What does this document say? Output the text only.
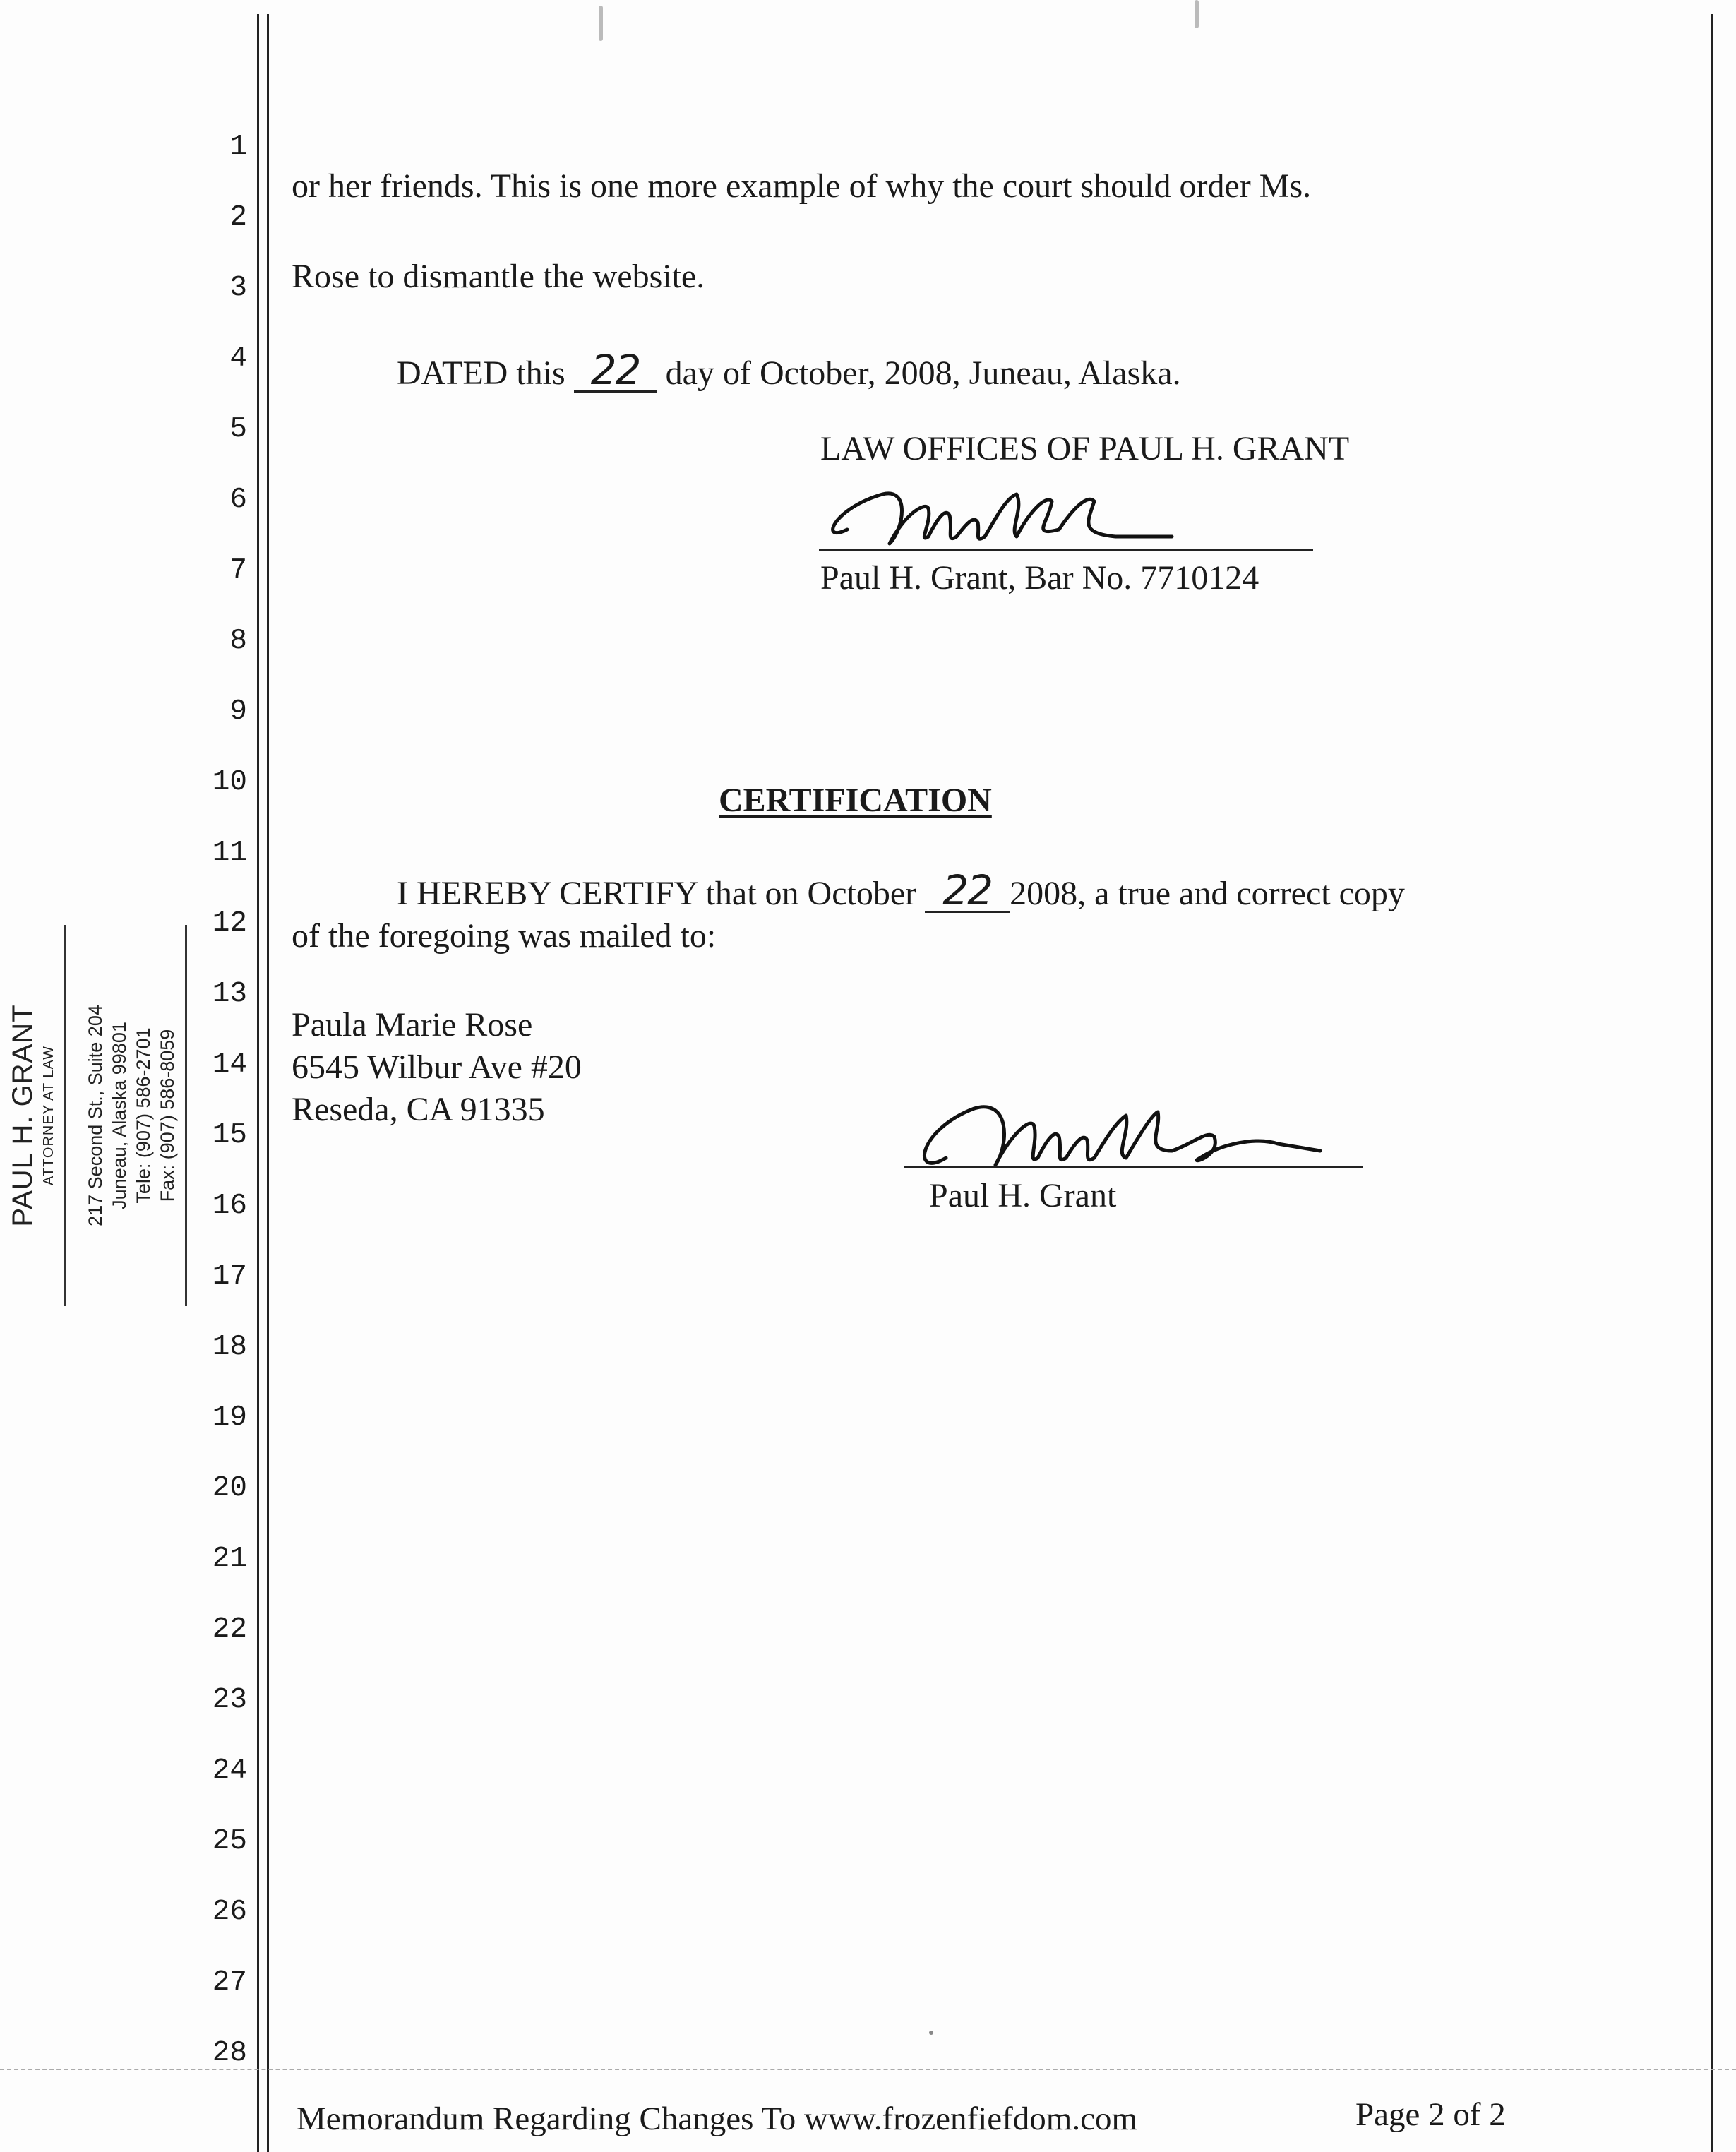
1
2
3
4
5
6
7
8
9
10
11
12
13
14
15
16
17
18
19
20
21
22
23
24
25
26
27
28
PAUL H. GRANT ATTORNEY AT LAW 217 Second St., Suite 204 Juneau, Alaska 99801 Tele: (907) 586-2701 Fax: (907) 586-8059
or her friends. This is one more example of why the court should order Ms.
Rose to dismantle the website.
DATED this 22 day of October, 2008, Juneau, Alaska.
LAW OFFICES OF PAUL H. GRANT
Paul H. Grant, Bar No. 7710124
CERTIFICATION
I HEREBY CERTIFY that on October 22 2008, a true and correct copy
of the foregoing was mailed to:
Paula Marie Rose
6545 Wilbur Ave #20
Reseda, CA 91335
Paul H. Grant
Memorandum Regarding Changes To www.frozenfiefdom.com	Page 2 of 2
